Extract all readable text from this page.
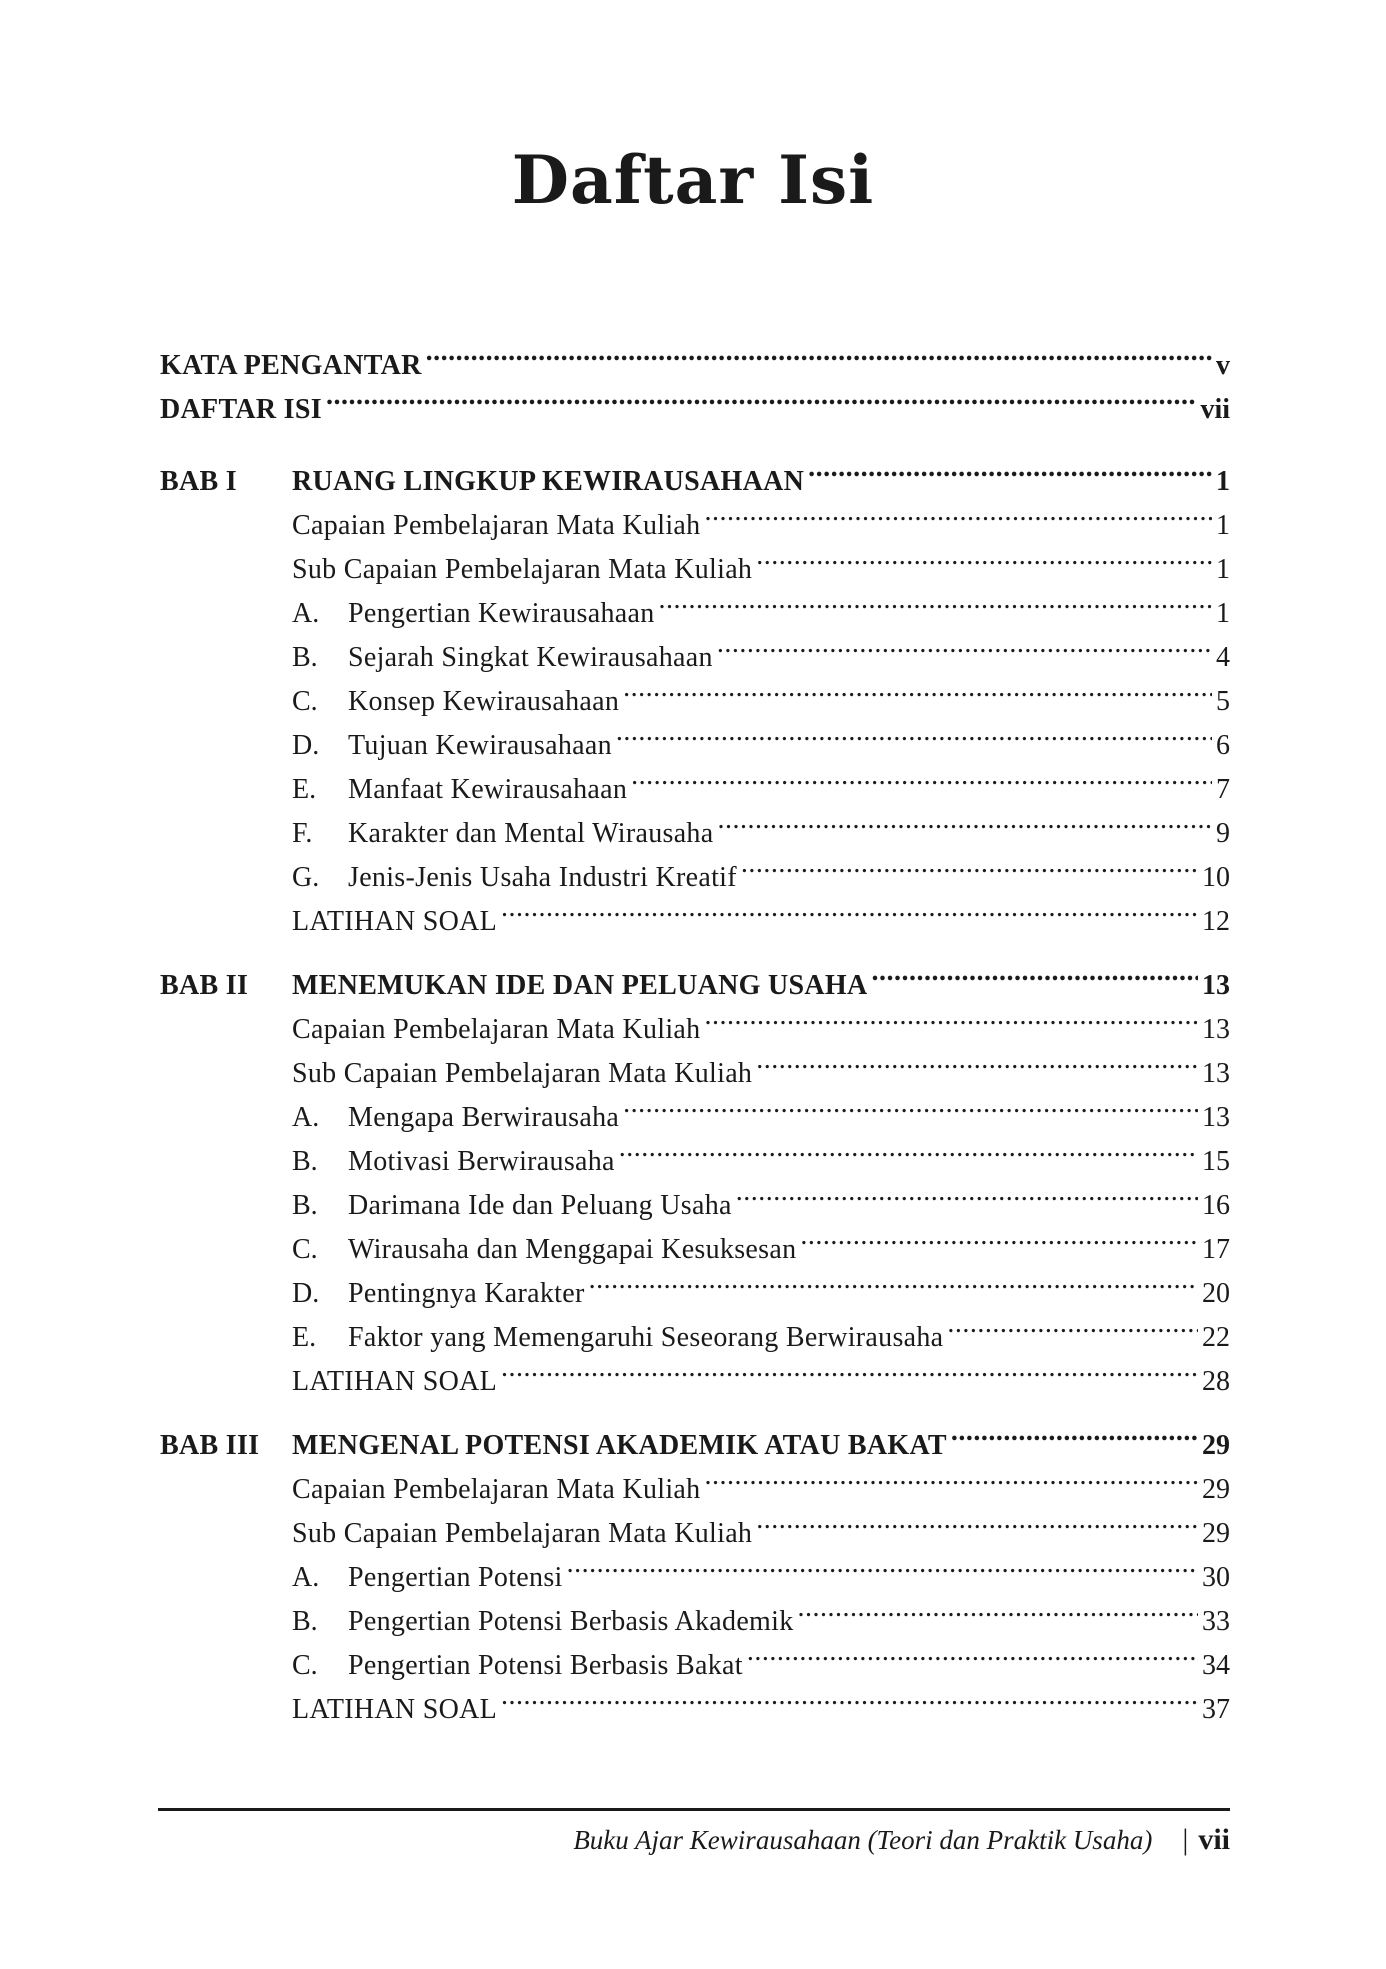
Daftar Isi
KATA PENGANTAR .....	v
DAFTAR ISI .....	vii
BAB I	RUANG LINGKUP KEWIRAUSAHAAN .....	1
Capaian Pembelajaran Mata Kuliah .....	1
Sub Capaian Pembelajaran Mata Kuliah .....	1
A.	Pengertian Kewirausahaan .....	1
B.	Sejarah Singkat Kewirausahaan .....	4
C.	Konsep Kewirausahaan .....	5
D.	Tujuan Kewirausahaan .....	6
E.	Manfaat Kewirausahaan .....	7
F.	Karakter dan Mental Wirausaha .....	9
G.	Jenis-Jenis Usaha Industri Kreatif .....	10
LATIHAN SOAL .....	12
BAB II	MENEMUKAN IDE DAN PELUANG USAHA .....	13
Capaian Pembelajaran Mata Kuliah .....	13
Sub Capaian Pembelajaran Mata Kuliah .....	13
A.	Mengapa Berwirausaha .....	13
B.	Motivasi Berwirausaha .....	15
B.	Darimana Ide dan Peluang Usaha .....	16
C.	Wirausaha dan Menggapai Kesuksesan .....	17
D.	Pentingnya Karakter .....	20
E.	Faktor yang Memengaruhi Seseorang Berwirausaha .....	22
LATIHAN SOAL .....	28
BAB III	MENGENAL POTENSI AKADEMIK ATAU BAKAT .....	29
Capaian Pembelajaran Mata Kuliah .....	29
Sub Capaian Pembelajaran Mata Kuliah .....	29
A.	Pengertian Potensi .....	30
B.	Pengertian Potensi Berbasis Akademik .....	33
C.	Pengertian Potensi Berbasis Bakat .....	34
LATIHAN SOAL .....	37
Buku Ajar Kewirausahaan (Teori dan Praktik Usaha) | vii
